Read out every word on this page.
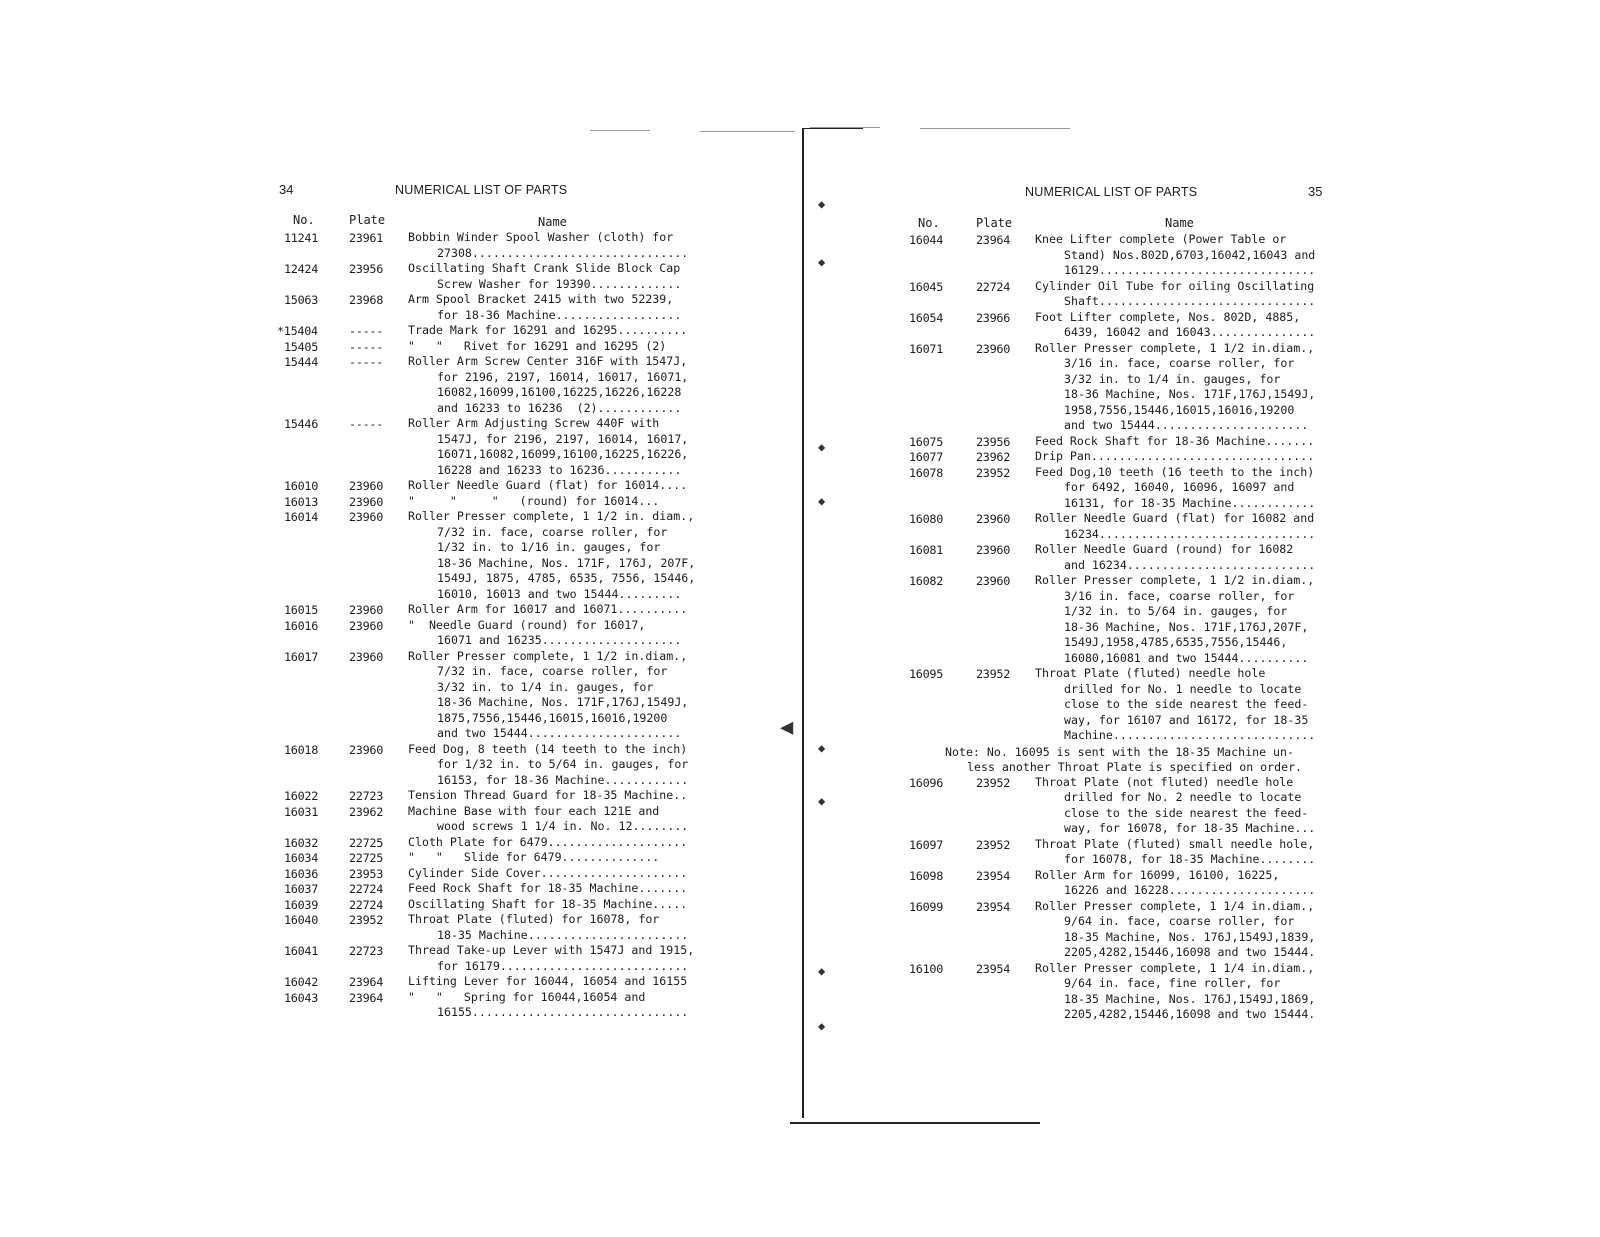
◆
◆
◆
◆
◀
◆
◆
◆
◆
34	NUMERICAL LIST OF PARTS
No.	Plate	Name
11241	23961 Bobbin Winder Spool Washer (cloth) for
27308...............................
12424	23956 Oscillating Shaft Crank Slide Block Cap
Screw Washer for 19390.............
15063	23968 Arm Spool Bracket 2415 with two 52239,
for 18-36 Machine..................
*15404	----- Trade Mark for 16291 and 16295..........
15405	----- "   "   Rivet for 16291 and 16295 (2)
15444	----- Roller Arm Screw Center 316F with 1547J,
for 2196, 2197, 16014, 16017, 16071,
16082,16099,16100,16225,16226,16228
and 16233 to 16236  (2)............
15446	----- Roller Arm Adjusting Screw 440F with
1547J, for 2196, 2197, 16014, 16017,
16071,16082,16099,16100,16225,16226,
16228 and 16233 to 16236...........
16010	23960 Roller Needle Guard (flat) for 16014....
16013	23960 "     "     "   (round) for 16014...
16014	23960 Roller Presser complete, 1 1/2 in. diam.,
7/32 in. face, coarse roller, for
1/32 in. to 1/16 in. gauges, for
18-36 Machine, Nos. 171F, 176J, 207F,
1549J, 1875, 4785, 6535, 7556, 15446,
16010, 16013 and two 15444.........
16015	23960 Roller Arm for 16017 and 16071..........
16016	23960 "  Needle Guard (round) for 16017,
16071 and 16235....................
16017	23960 Roller Presser complete, 1 1/2 in.diam.,
7/32 in. face, coarse roller, for
3/32 in. to 1/4 in. gauges, for
18-36 Machine, Nos. 171F,176J,1549J,
1875,7556,15446,16015,16016,19200
and two 15444......................
16018	23960 Feed Dog, 8 teeth (14 teeth to the inch)
for 1/32 in. to 5/64 in. gauges, for
16153, for 18-36 Machine............
16022	22723 Tension Thread Guard for 18-35 Machine..
16031	23962 Machine Base with four each 121E and
wood screws 1 1/4 in. No. 12........
16032	22725 Cloth Plate for 6479....................
16034	22725 "   "   Slide for 6479..............
16036	23953 Cylinder Side Cover.....................
16037	22724 Feed Rock Shaft for 18-35 Machine.......
16039	22724 Oscillating Shaft for 18-35 Machine.....
16040	23952 Throat Plate (fluted) for 16078, for
18-35 Machine.......................
16041	22723 Thread Take-up Lever with 1547J and 1915,
for 16179...........................
16042	23964 Lifting Lever for 16044, 16054 and 16155
16043	23964 "   "   Spring for 16044,16054 and
16155...............................
NUMERICAL LIST OF PARTS	35
No.	Plate	Name
16044	23964 Knee Lifter complete (Power Table or
Stand) Nos.802D,6703,16042,16043 and
16129...............................
16045	22724 Cylinder Oil Tube for oiling Oscillating
Shaft...............................
16054	23966 Foot Lifter complete, Nos. 802D, 4885,
6439, 16042 and 16043...............
16071	23960 Roller Presser complete, 1 1/2 in.diam.,
3/16 in. face, coarse roller, for
3/32 in. to 1/4 in. gauges, for
18-36 Machine, Nos. 171F,176J,1549J,
1958,7556,15446,16015,16016,19200
and two 15444......................
16075	23956 Feed Rock Shaft for 18-36 Machine.......
16077	23962 Drip Pan................................
16078	23952 Feed Dog,10 teeth (16 teeth to the inch)
for 6492, 16040, 16096, 16097 and
16131, for 18-35 Machine............
16080	23960 Roller Needle Guard (flat) for 16082 and
16234...............................
16081	23960 Roller Needle Guard (round) for 16082
and 16234...........................
16082	23960 Roller Presser complete, 1 1/2 in.diam.,
3/16 in. face, coarse roller, for
1/32 in. to 5/64 in. gauges, for
18-36 Machine, Nos. 171F,176J,207F,
1549J,1958,4785,6535,7556,15446,
16080,16081 and two 15444..........
16095	23952 Throat Plate (fluted) needle hole
drilled for No. 1 needle to locate
close to the side nearest the feed-
way, for 16107 and 16172, for 18-35
Machine.............................
Note: No. 16095 is sent with the 18-35 Machine un-
less another Throat Plate is specified on order.
16096	23952 Throat Plate (not fluted) needle hole
drilled for No. 2 needle to locate
close to the side nearest the feed-
way, for 16078, for 18-35 Machine...
16097	23952 Throat Plate (fluted) small needle hole,
for 16078, for 18-35 Machine........
16098	23954 Roller Arm for 16099, 16100, 16225,
16226 and 16228.....................
16099	23954 Roller Presser complete, 1 1/4 in.diam.,
9/64 in. face, coarse roller, for
18-35 Machine, Nos. 176J,1549J,1839,
2205,4282,15446,16098 and two 15444.
16100	23954 Roller Presser complete, 1 1/4 in.diam.,
9/64 in. face, fine roller, for
18-35 Machine, Nos. 176J,1549J,1869,
2205,4282,15446,16098 and two 15444.
